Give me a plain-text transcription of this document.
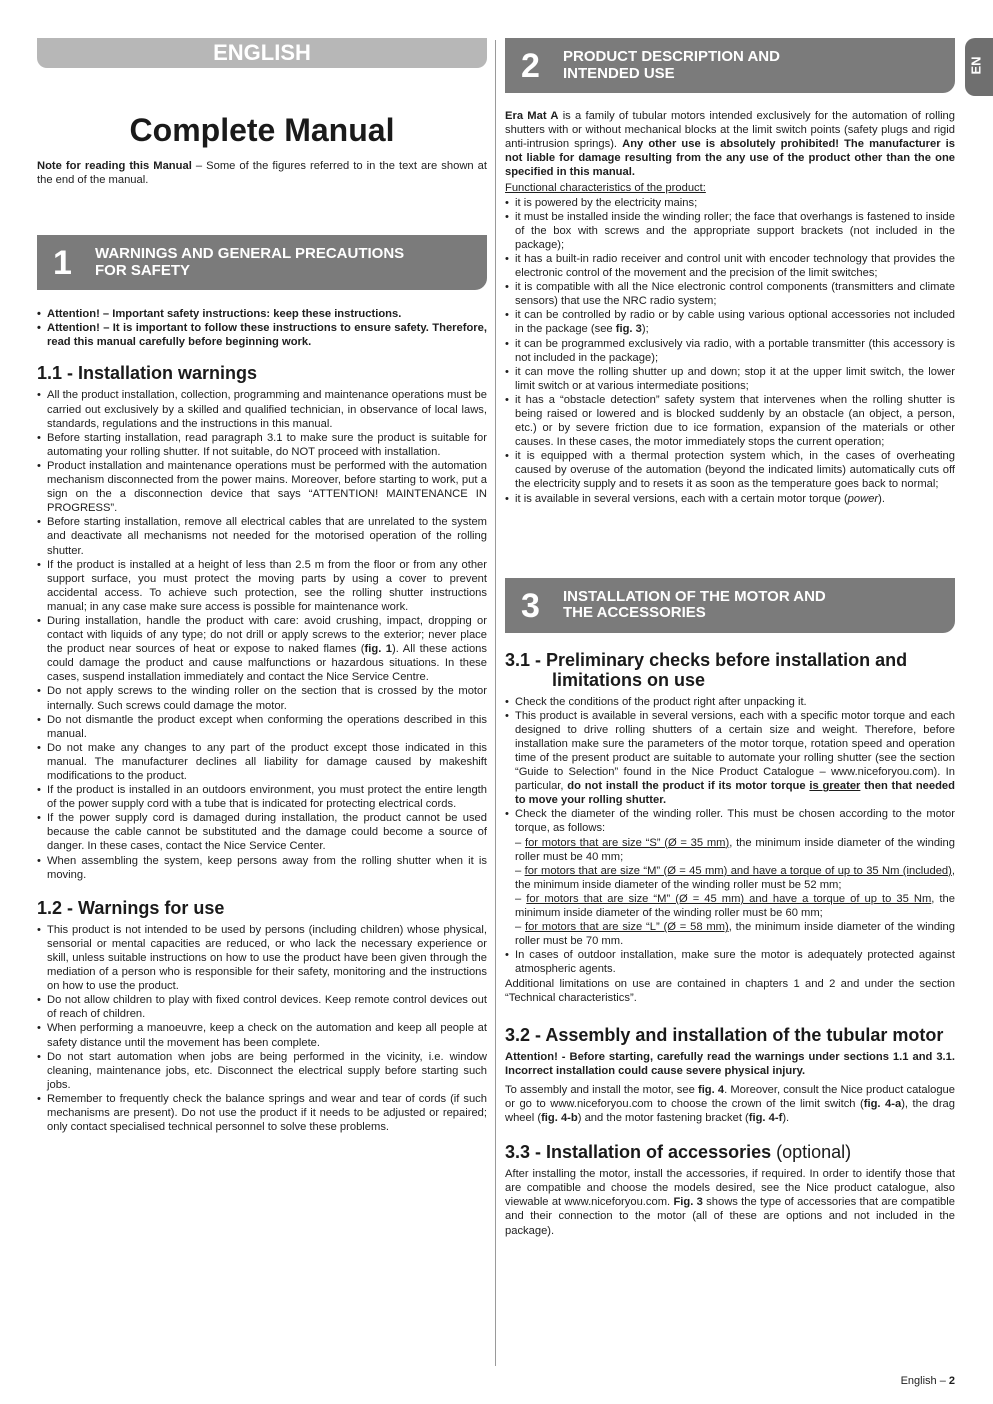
EN
ENGLISH
Complete Manual

Note for reading this Manual – Some of the figures referred to in the text are shown at the end of the manual.

1 WARNINGS AND GENERAL PRECAUTIONS
FOR SAFETY
• Attention! – Important safety instructions: keep these instructions.
• Attention! – It is important to follow these instructions to ensure safety. Therefore, read this manual carefully before beginning work.
1.1 - Installation warnings
• All the product installation, collection, programming and maintenance operations must be carried out exclusively by a skilled and qualified technician, in observance of local laws, standards, regulations and the instructions in this manual.
• Before starting installation, read paragraph 3.1 to make sure the product is suitable for automating your rolling shutter. If not suitable, do NOT proceed with installation.
• Product installation and maintenance operations must be performed with the automation mechanism disconnected from the power mains. Moreover, before starting to work, put a sign on the a disconnection device that says “ATTENTION! MAINTENANCE IN PROGRESS”.
• Before starting installation, remove all electrical cables that are unrelated to the system and deactivate all mechanisms not needed for the motorised operation of the rolling shutter.
• If the product is installed at a height of less than 2.5 m from the floor or from any other support surface, you must protect the moving parts by using a cover to prevent accidental access. To achieve such protection, see the rolling shutter instructions manual; in any case make sure access is possible for maintenance work.
• During installation, handle the product with care: avoid crushing, impact, dropping or contact with liquids of any type; do not drill or apply screws to the exterior; never place the product near sources of heat or expose to naked flames (fig. 1). All these actions could damage the product and cause malfunctions or hazardous situations. In these cases, suspend installation immediately and contact the Nice Service Centre.
• Do not apply screws to the winding roller on the section that is crossed by the motor internally. Such screws could damage the motor.
• Do not dismantle the product except when conforming the operations described in this manual.
• Do not make any changes to any part of the product except those indicated in this manual. The manufacturer declines all liability for damage caused by makeshift modifications to the product.
• If the product is installed in an outdoors environment, you must protect the entire length of the power supply cord with a tube that is indicated for protecting electrical cords.
• If the power supply cord is damaged during installation, the product cannot be used because the cable cannot be substituted and the damage could become a source of danger. In these cases, contact the Nice Service Center.
• When assembling the system, keep persons away from the rolling shutter when it is moving.
1.2 - Warnings for use
• This product is not intended to be used by persons (including children) whose physical, sensorial or mental capacities are reduced, or who lack the necessary experience or skill, unless suitable instructions on how to use the product have been given through the mediation of a person who is responsible for their safety, monitoring and the instructions on how to use the product.
• Do not allow children to play with fixed control devices. Keep remote control devices out of reach of children.
• When performing a manoeuvre, keep a check on the automation and keep all people at safety distance until the movement has been complete.
• Do not start automation when jobs are being performed in the vicinity, i.e. window cleaning, maintenance jobs, etc. Disconnect the electrical supply before starting such jobs.
• Remember to frequently check the balance springs and wear and tear of cords (if such mechanisms are present). Do not use the product if it needs to be adjusted or repaired; only contact specialised technical personnel to solve these problems.
2 PRODUCT DESCRIPTION AND
INTENDED USE

Era Mat A is a family of tubular motors intended exclusively for the automation of rolling shutters with or without mechanical blocks at the limit switch points (safety plugs and rigid anti-intrusion springs). Any other use is absolutely prohibited! The manufacturer is not liable for damage resulting from the any use of the product other than the one specified in this manual.

Functional characteristics of the product:

• it is powered by the electricity mains;
• it must be installed inside the winding roller; the face that overhangs is fastened to inside of the box with screws and the appropriate support brackets (not included in the package);
• it has a built-in radio receiver and control unit with encoder technology that provides the electronic control of the movement and the precision of the limit switches;
• it is compatible with all the Nice electronic control components (transmitters and climate sensors) that use the NRC radio system;
• it can be controlled by radio or by cable using various optional accessories not included in the package (see fig. 3);
• it can be programmed exclusively via radio, with a portable transmitter (this accessory is not included in the package);
• it can move the rolling shutter up and down; stop it at the upper limit switch, the lower limit switch or at various intermediate positions;
• it has a “obstacle detection” safety system that intervenes when the rolling shutter is being raised or lowered and is blocked suddenly by an obstacle (an object, a person, etc.) or by severe friction due to ice formation, expansion of the materials or other causes. In these cases, the motor immediately stops the current operation;
• it is equipped with a thermal protection system which, in the cases of overheating caused by overuse of the automation (beyond the indicated limits) automatically cuts off the electricity supply and to resets it as soon as the temperature goes back to normal;
• it is available in several versions, each with a certain motor torque (power).
3 INSTALLATION OF THE MOTOR AND
THE ACCESSORIES
3.1 - Preliminary checks before installation and limitations on use
• Check the conditions of the product right after unpacking it.
• This product is available in several versions, each with a specific motor torque and each designed to drive rolling shutters of a certain size and weight. Therefore, before installation make sure the parameters of the motor torque, rotation speed and operation time of the present product are suitable to automate your rolling shutter (see the section “Guide to Selection” found in the Nice Product Catalogue – www.niceforyou.com). In particular, do not install the product if its motor torque is greater then that needed to move your rolling shutter.
• Check the diameter of the winding roller. This must be chosen according to the motor torque, as follows:
– for motors that are size “S” (Ø = 35 mm), the minimum inside diameter of the winding roller must be 40 mm;
– for motors that are size “M” (Ø = 45 mm) and have a torque of up to 35 Nm (included), the minimum inside diameter of the winding roller must be 52 mm;
– for motors that are size “M” (Ø = 45 mm) and have a torque of up to 35 Nm, the minimum inside diameter of the winding roller must be 60 mm;
– for motors that are size “L” (Ø = 58 mm), the minimum inside diameter of the winding roller must be 70 mm.
• In cases of outdoor installation, make sure the motor is adequately protected against atmospheric agents.

Additional limitations on use are contained in chapters 1 and 2 and under the section “Technical characteristics”.

3.2 - Assembly and installation of the tubular motor

Attention! - Before starting, carefully read the warnings under sections 1.1 and 3.1. Incorrect installation could cause severe physical injury.

To assembly and install the motor, see fig. 4. Moreover, consult the Nice product catalogue or go to www.niceforyou.com to choose the crown of the limit switch (fig. 4-a), the drag wheel (fig. 4-b) and the motor fastening bracket (fig. 4-f).

3.3 - Installation of accessories (optional)

After installing the motor, install the accessories, if required. In order to identify those that are compatible and choose the models desired, see the Nice product catalogue, also viewable at www.niceforyou.com. Fig. 3 shows the type of accessories that are compatible and their connection to the motor (all of these are options and not included in the package).

English – 2
